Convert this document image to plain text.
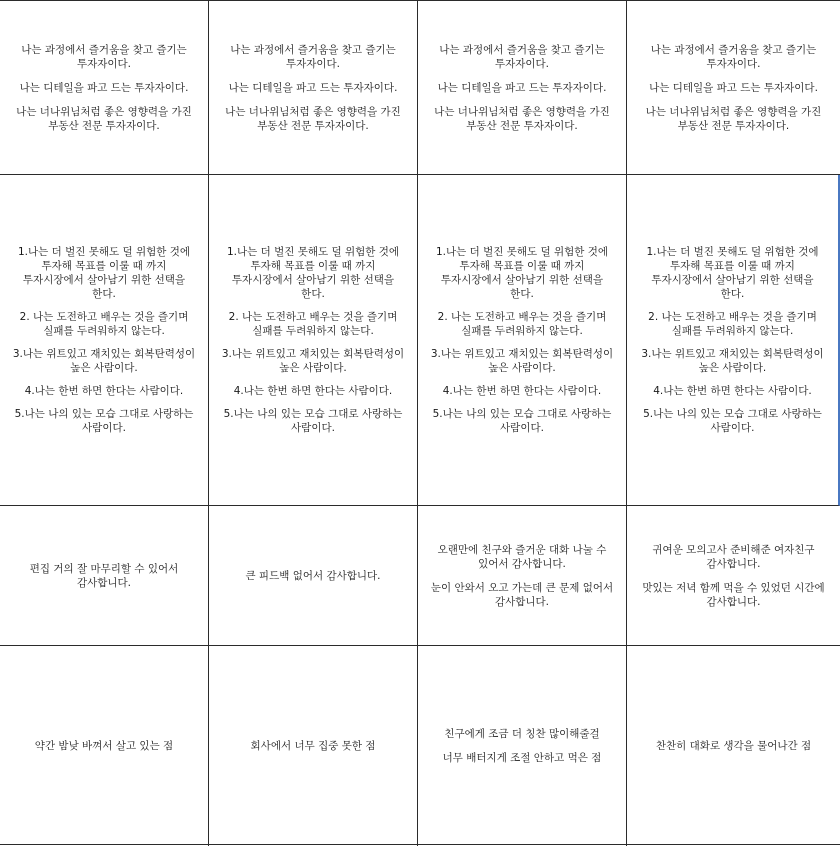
나는 과정에서 즐거움을 찾고 즐기는
투자자이다.

나는 디테일을 파고 드는 투자자이다.

나는 너나위님처럼 좋은 영향력을 가진
부동산 전문 투자자이다.

나는 과정에서 즐거움을 찾고 즐기는
투자자이다.

나는 디테일을 파고 드는 투자자이다.

나는 너나위님처럼 좋은 영향력을 가진
부동산 전문 투자자이다.

나는 과정에서 즐거움을 찾고 즐기는
투자자이다.

나는 디테일을 파고 드는 투자자이다.

나는 너나위님처럼 좋은 영향력을 가진
부동산 전문 투자자이다.

나는 과정에서 즐거움을 찾고 즐기는
투자자이다.

나는 디테일을 파고 드는 투자자이다.

나는 너나위님처럼 좋은 영향력을 가진
부동산 전문 투자자이다.

1.나는 더 벌진 못해도 덜 위험한 것에
투자해 목표를 이룰 때 까지
투자시장에서 살아남기 위한 선택을
한다.

2. 나는 도전하고 배우는 것을 즐기며
실패를 두려워하지 않는다.

3.나는 위트있고 재치있는 회복탄력성이
높은 사람이다.

4.나는 한번 하면 한다는 사람이다.

5.나는 나의 있는 모습 그대로 사랑하는
사람이다.

1.나는 더 벌진 못해도 덜 위험한 것에
투자해 목표를 이룰 때 까지
투자시장에서 살아남기 위한 선택을
한다.

2. 나는 도전하고 배우는 것을 즐기며
실패를 두려워하지 않는다.

3.나는 위트있고 재치있는 회복탄력성이
높은 사람이다.

4.나는 한번 하면 한다는 사람이다.

5.나는 나의 있는 모습 그대로 사랑하는
사람이다.

1.나는 더 벌진 못해도 덜 위험한 것에
투자해 목표를 이룰 때 까지
투자시장에서 살아남기 위한 선택을
한다.

2. 나는 도전하고 배우는 것을 즐기며
실패를 두려워하지 않는다.

3.나는 위트있고 재치있는 회복탄력성이
높은 사람이다.

4.나는 한번 하면 한다는 사람이다.

5.나는 나의 있는 모습 그대로 사랑하는
사람이다.

1.나는 더 벌진 못해도 덜 위험한 것에
투자해 목표를 이룰 때 까지
투자시장에서 살아남기 위한 선택을
한다.

2. 나는 도전하고 배우는 것을 즐기며
실패를 두려워하지 않는다.

3.나는 위트있고 재치있는 회복탄력성이
높은 사람이다.

4.나는 한번 하면 한다는 사람이다.

5.나는 나의 있는 모습 그대로 사랑하는
사람이다.

편집 거의 잘 마무리할 수 있어서
감사합니다.

큰 피드백 없어서 감사합니다.

오랜만에 친구와 즐거운 대화 나눌 수
있어서 감사합니다.

눈이 안와서 오고 가는데 큰 문제 없어서
감사합니다.

귀여운 모의고사 준비해준 여자친구
감사합니다.

맛있는 저녁 함께 먹을 수 있었던 시간에
감사합니다.

약간 밤낮 바껴서 살고 있는 점	회사에서 너무 집중 못한 점

친구에게 조금 더 칭찬 많이해줄걸

너무 배터지게 조절 안하고 먹은 점

찬찬히 대화로 생각을 물어나간 점
